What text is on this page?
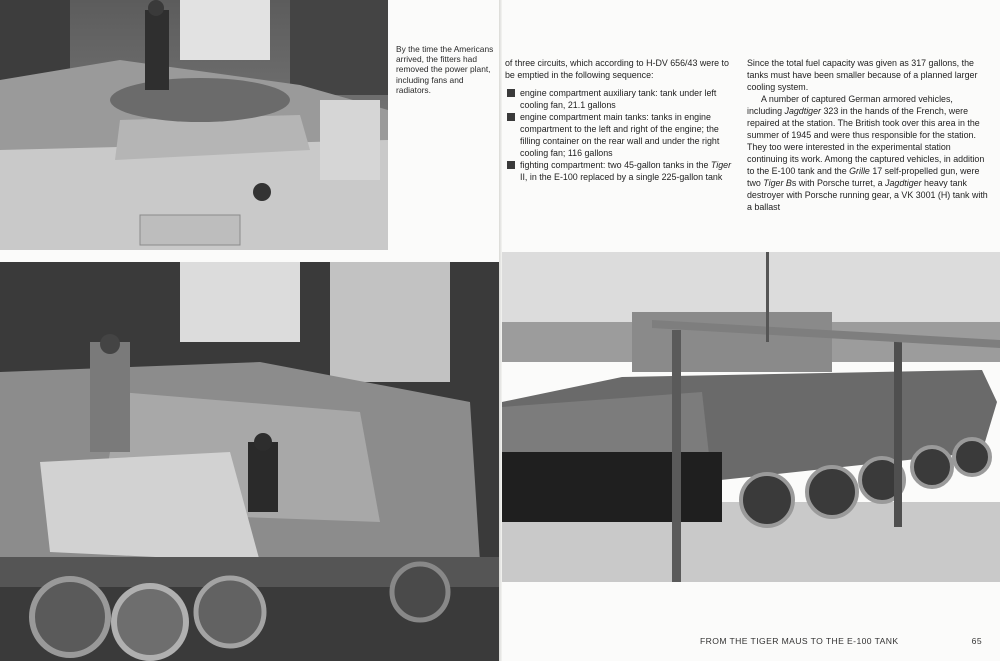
By the time the Americans arrived, the fitters had removed the power plant, including fans and radiators.

of three circuits, which according to H-DV 656/43 were to be emptied in the following sequence:

engine compartment auxiliary tank: tank under left cooling fan, 21.1 gallons
engine compartment main tanks: tanks in engine compartment to the left and right of the engine; the filling container on the rear wall and under the right cooling fan; 116 gallons
fighting compartment: two 45-gallon tanks in the Tiger II, in the E-100 replaced by a single 225-gallon tank

Since the total fuel capacity was given as 317 gallons, the tanks must have been smaller because of a planned larger cooling system.

A number of captured German armored vehicles, including Jagdtiger 323 in the hands of the French, were repaired at the station. The British took over this area in the summer of 1945 and were thus responsible for the station. They too were interested in the experimental station continuing its work. Among the captured vehicles, in addition to the E-100 tank and the Grille 17 self-propelled gun, were two Tiger Bs with Porsche turret, a Jagdtiger heavy tank destroyer with Porsche running gear, a VK 3001 (H) tank with a ballast

FROM THE TIGER MAUS TO THE E-100 TANK	65
